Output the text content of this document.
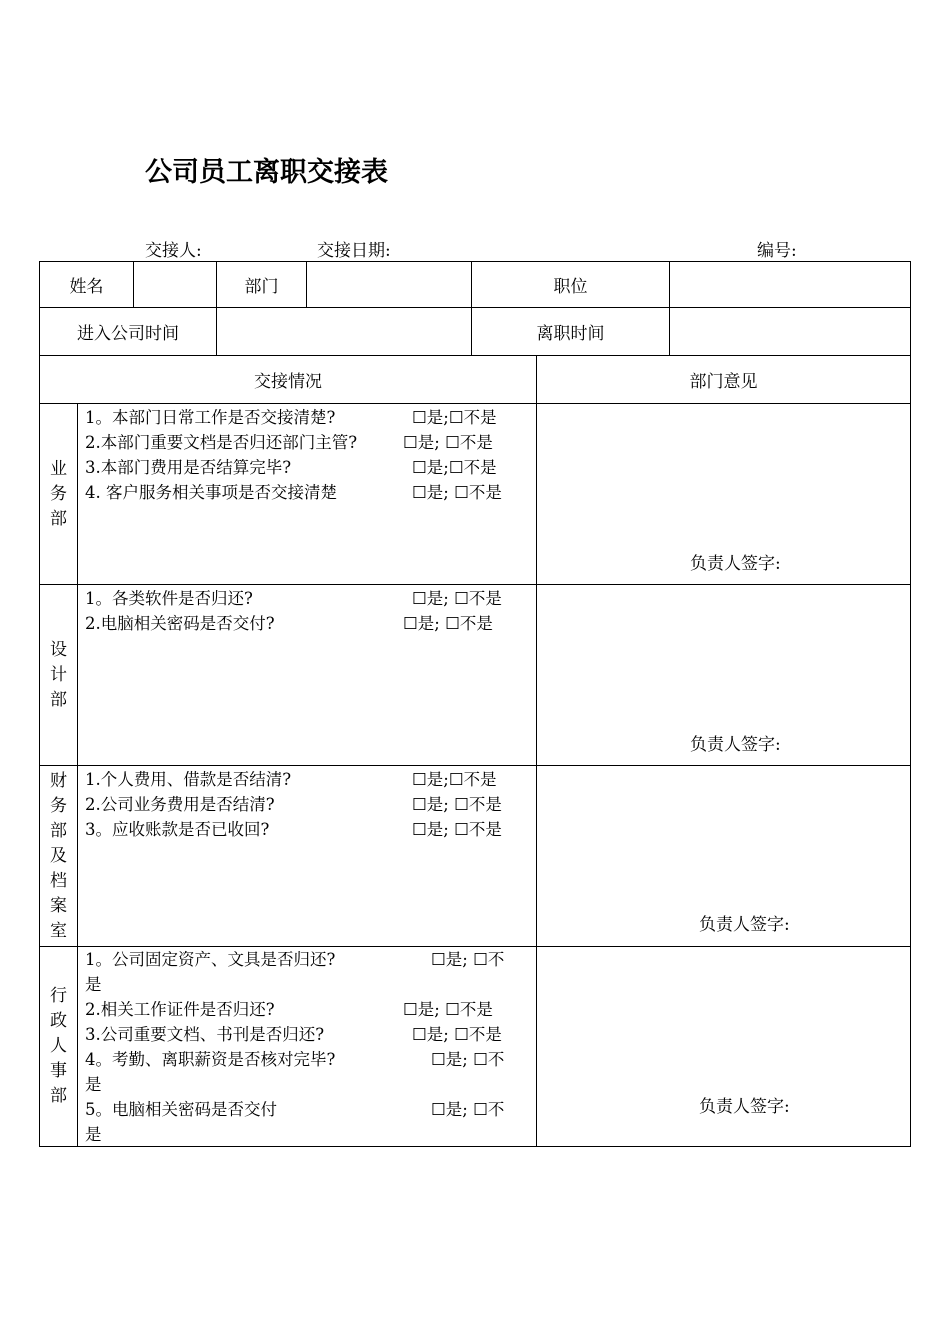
公司员工离职交接表
交接人:	交接日期:	编号:
姓名	部门	职位
进入公司时间	离职时间
交接情况	部门意见
业
务
部
1。本部门日常工作是否交接清楚?	☐是;☐不是
2.本部门重要文档是否归还部门主管?	☐是; ☐不是
3.本部门费用是否结算完毕?	☐是;☐不是
4. 客户服务相关事项是否交接清楚	☐是; ☐不是
负责人签字:
设
计
部
1。各类软件是否归还?	☐是; ☐不是
2.电脑相关密码是否交付?	☐是; ☐不是
负责人签字:
财
务
部
及
档
案
室
1.个人费用、借款是否结清?	☐是;☐不是
2.公司业务费用是否结清?	☐是; ☐不是
3。应收账款是否已收回?	☐是; ☐不是
负责人签字:
行
政
人
事
部
1。公司固定资产、文具是否归还?	☐是; ☐不
是
2.相关工作证件是否归还?	☐是; ☐不是
3.公司重要文档、书刊是否归还?	☐是; ☐不是
4。考勤、离职薪资是否核对完毕?	☐是; ☐不
是
5。电脑相关密码是否交付	☐是; ☐不
是
负责人签字:
